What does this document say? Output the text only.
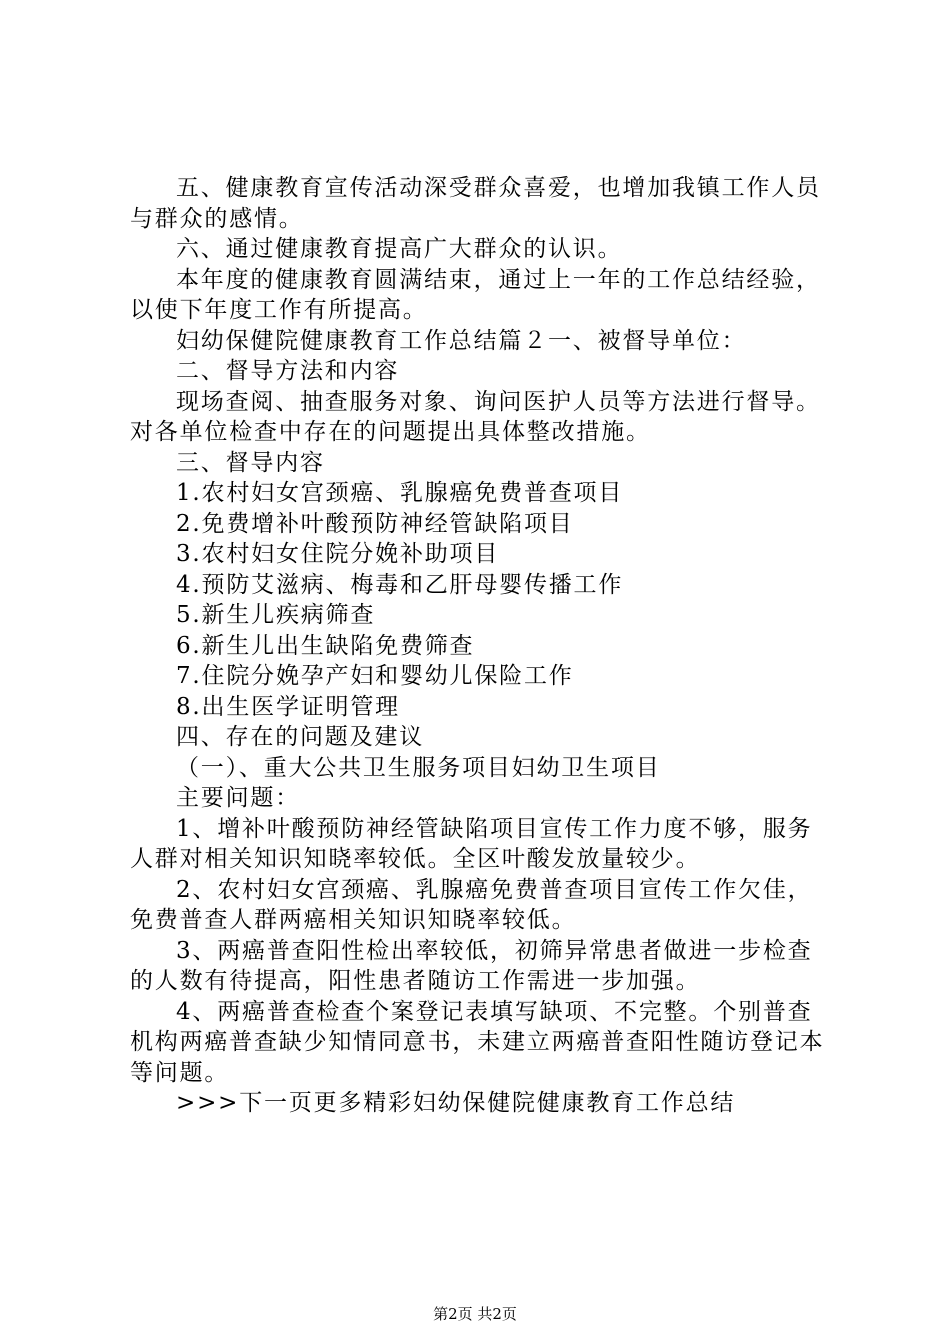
五、健康教育宣传活动深受群众喜爱，也增加我镇工作人员与群众的感情。

六、通过健康教育提高广大群众的认识。

本年度的健康教育圆满结束，通过上一年的工作总结经验，以使下年度工作有所提高。

妇幼保健院健康教育工作总结篇２一、被督导单位：

二、督导方法和内容

现场查阅、抽查服务对象、询问医护人员等方法进行督导。对各单位检查中存在的问题提出具体整改措施。

三、督导内容

1.农村妇女宫颈癌、乳腺癌免费普查项目

2.免费增补叶酸预防神经管缺陷项目

3.农村妇女住院分娩补助项目

4.预防艾滋病、梅毒和乙肝母婴传播工作

5.新生儿疾病筛查

6.新生儿出生缺陷免费筛查

7.住院分娩孕产妇和婴幼儿保险工作

8.出生医学证明管理

四、存在的问题及建议

（一）、重大公共卫生服务项目妇幼卫生项目

主要问题：

1、增补叶酸预防神经管缺陷项目宣传工作力度不够，服务人群对相关知识知晓率较低。全区叶酸发放量较少。

2、农村妇女宫颈癌、乳腺癌免费普查项目宣传工作欠佳，免费普查人群两癌相关知识知晓率较低。

3、两癌普查阳性检出率较低，初筛异常患者做进一步检查的人数有待提高，阳性患者随访工作需进一步加强。

4、两癌普查检查个案登记表填写缺项、不完整。个别普查机构两癌普查缺少知情同意书，未建立两癌普查阳性随访登记本等问题。

>>>下一页更多精彩妇幼保健院健康教育工作总结

第2页 共2页
